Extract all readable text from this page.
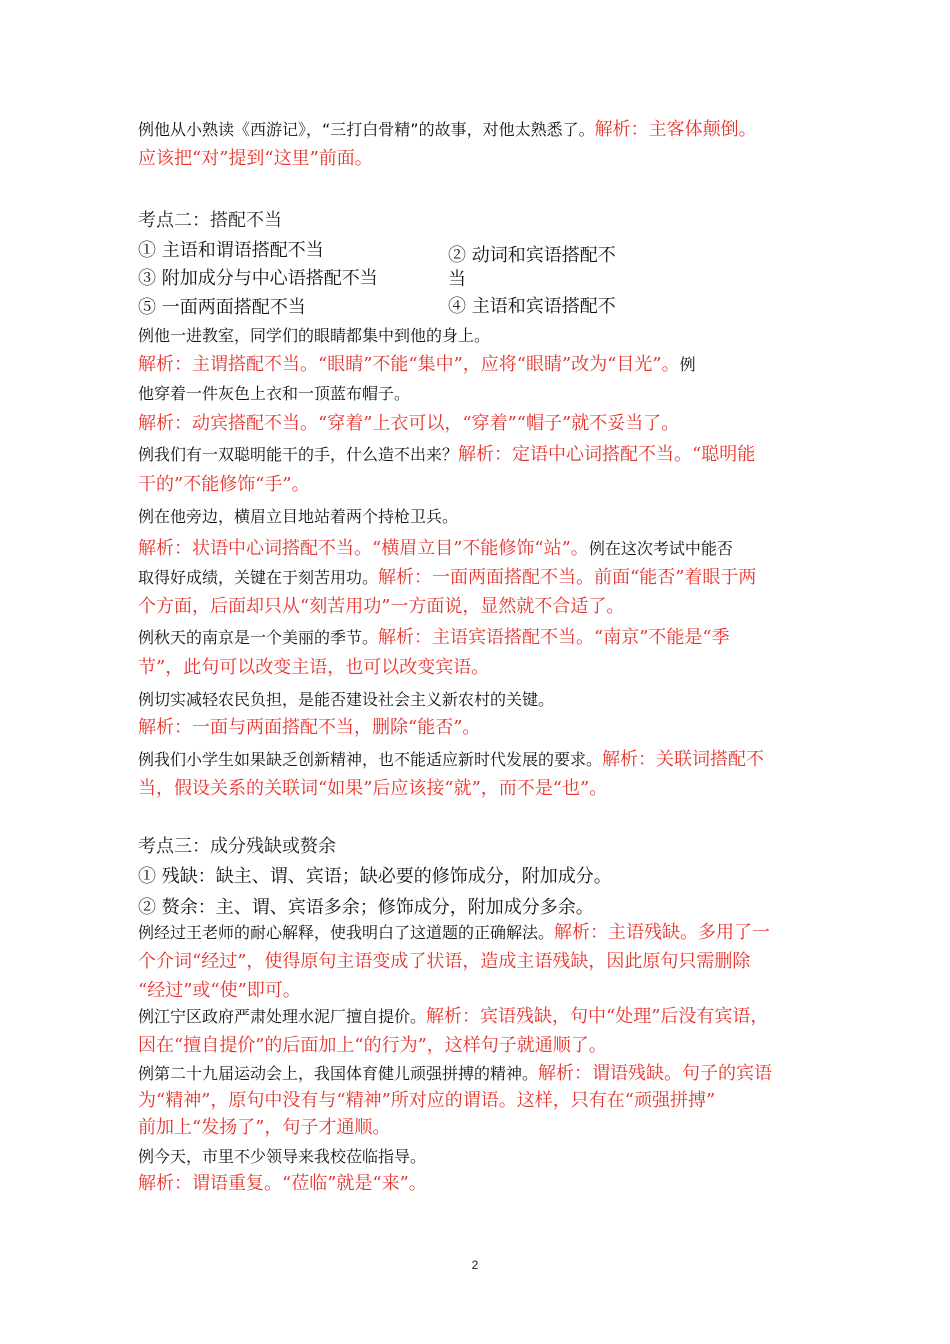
例他从小熟读《西游记》，“三打白骨精”的故事，对他太熟悉了。解析：主客体颠倒。
应该把“对”提到“这里”前面。
考点二：搭配不当
① 主语和谓语搭配不当	② 动词和宾语搭配不
③ 附加成分与中心语搭配不当	当
⑤ 一面两面搭配不当	④ 主语和宾语搭配不
例他一进教室，同学们的眼睛都集中到他的身上。
解析：主谓搭配不当。“眼睛”不能“集中”，应将“眼睛”改为“目光”。例
他穿着一件灰色上衣和一顶蓝布帽子。
解析：动宾搭配不当。“穿着”上衣可以，“穿着”“帽子”就不妥当了。
例我们有一双聪明能干的手，什么造不出来？解析：定语中心词搭配不当。“聪明能
干的”不能修饰“手”。
例在他旁边，横眉立目地站着两个持枪卫兵。
解析：状语中心词搭配不当。“横眉立目”不能修饰“站”。例在这次考试中能否
取得好成绩，关键在于刻苦用功。解析：一面两面搭配不当。前面“能否”着眼于两
个方面，后面却只从“刻苦用功”一方面说，显然就不合适了。
例秋天的南京是一个美丽的季节。解析：主语宾语搭配不当。“南京”不能是“季
节”，此句可以改变主语，也可以改变宾语。
例切实减轻农民负担，是能否建设社会主义新农村的关键。
解析：一面与两面搭配不当，删除“能否”。
例我们小学生如果缺乏创新精神，也不能适应新时代发展的要求。解析：关联词搭配不
当，假设关系的关联词“如果”后应该接“就”，而不是“也”。
考点三：成分残缺或赘余
① 残缺：缺主、谓、宾语；缺必要的修饰成分，附加成分。
② 赘余：主、谓、宾语多余；修饰成分，附加成分多余。
例经过王老师的耐心解释，使我明白了这道题的正确解法。解析：主语残缺。多用了一
个介词“经过”，使得原句主语变成了状语，造成主语残缺，因此原句只需删除
“经过”或“使”即可。
例江宁区政府严肃处理水泥厂擅自提价。解析：宾语残缺，句中“处理”后没有宾语，
因在“擅自提价”的后面加上“的行为”，这样句子就通顺了。
例第二十九届运动会上，我国体育健儿顽强拼搏的精神。解析：谓语残缺。句子的宾语
为“精神”，原句中没有与“精神”所对应的谓语。这样，只有在“顽强拼搏”
前加上“发扬了”，句子才通顺。
例今天，市里不少领导来我校莅临指导。
解析：谓语重复。“莅临”就是“来”。
2
